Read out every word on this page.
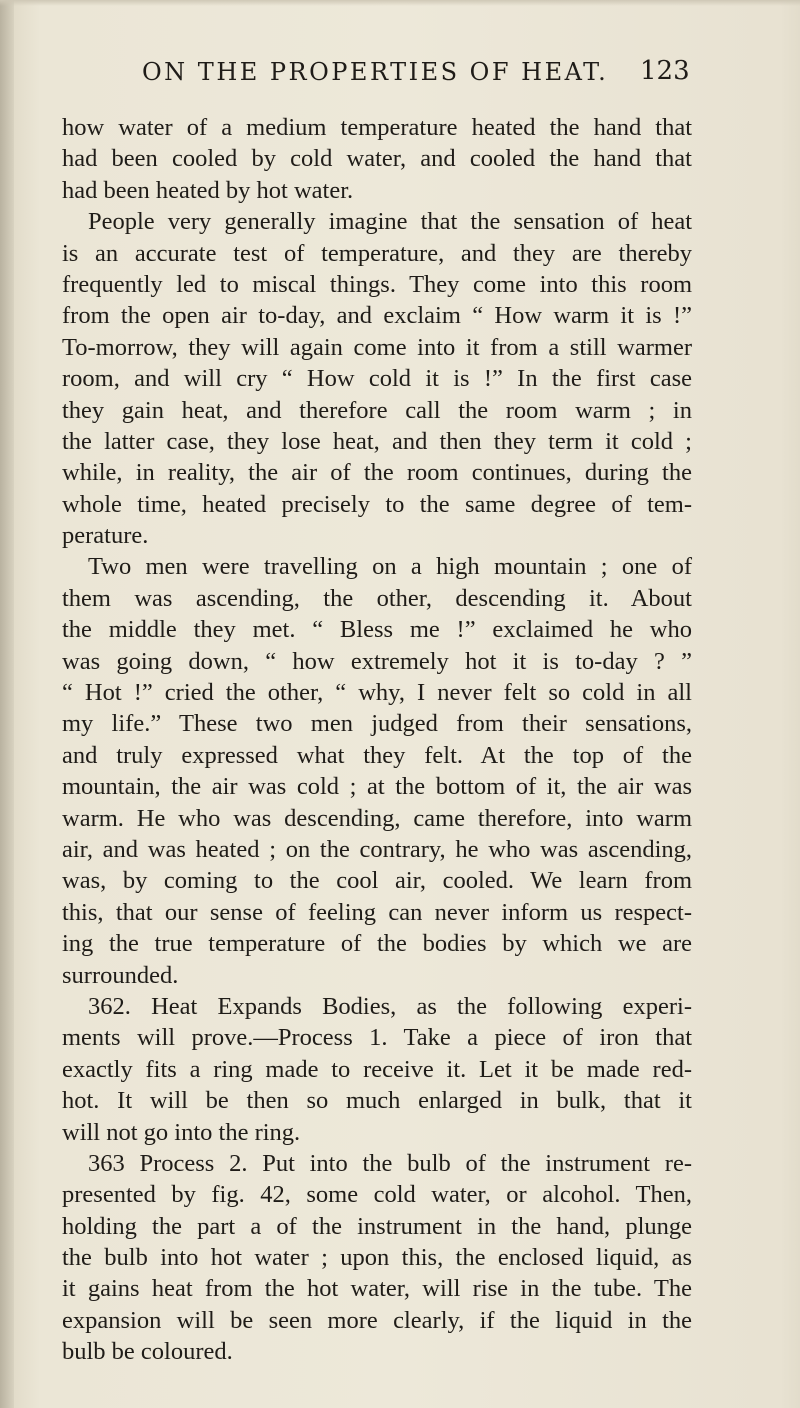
ON THE PROPERTIES OF HEAT. 123
how water of a medium temperature heated the hand that
had been cooled by cold water, and cooled the hand that
had been heated by hot water.
People very generally imagine that the sensation of heat
is an accurate test of temperature, and they are thereby
frequently led to miscal things. They come into this room
from the open air to-day, and exclaim “ How warm it is !”
To-morrow, they will again come into it from a still warmer
room, and will cry “ How cold it is !” In the first case
they gain heat, and therefore call the room warm ; in
the latter case, they lose heat, and then they term it cold ;
while, in reality, the air of the room continues, during the
whole time, heated precisely to the same degree of tem-
perature.
Two men were travelling on a high mountain ; one of
them was ascending, the other, descending it. About
the middle they met. “ Bless me !” exclaimed he who
was going down, “ how extremely hot it is to-day ? ”
“ Hot !” cried the other, “ why, I never felt so cold in all
my life.” These two men judged from their sensations,
and truly expressed what they felt. At the top of the
mountain, the air was cold ; at the bottom of it, the air was
warm. He who was descending, came therefore, into warm
air, and was heated ; on the contrary, he who was ascending,
was, by coming to the cool air, cooled. We learn from
this, that our sense of feeling can never inform us respect-
ing the true temperature of the bodies by which we are
surrounded.
362. Heat Expands Bodies, as the following experi-
ments will prove.—Process 1. Take a piece of iron that
exactly fits a ring made to receive it. Let it be made red-
hot. It will be then so much enlarged in bulk, that it
will not go into the ring.
363 Process 2. Put into the bulb of the instrument re-
presented by fig. 42, some cold water, or alcohol. Then,
holding the part a of the instrument in the hand, plunge
the bulb into hot water ; upon this, the enclosed liquid, as
it gains heat from the hot water, will rise in the tube. The
expansion will be seen more clearly, if the liquid in the
bulb be coloured.
